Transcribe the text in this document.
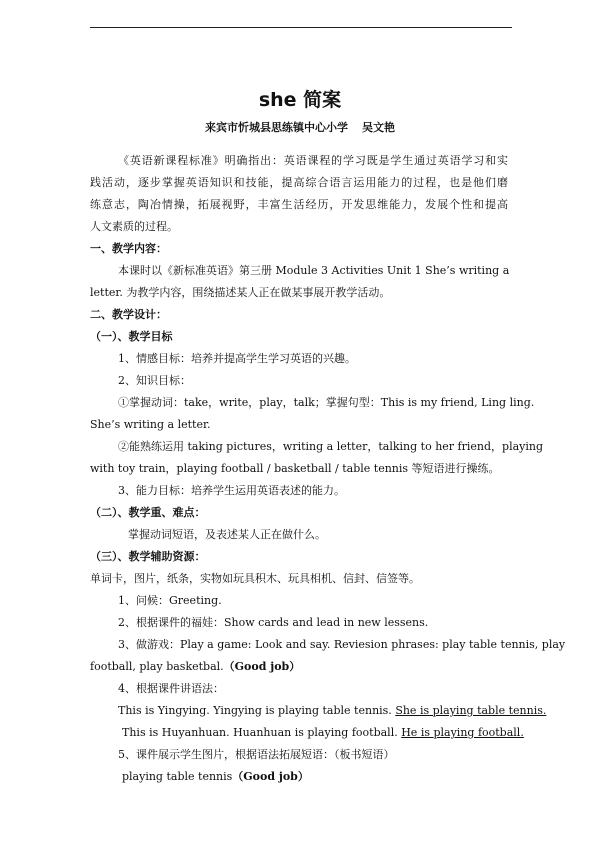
she 简案
来宾市忻城县思练镇中心小学 吴文艳
《英语新课程标准》明确指出：英语课程的学习既是学生通过英语学习和实
践活动，逐步掌握英语知识和技能，提高综合语言运用能力的过程，也是他们磨
练意志，陶冶情操，拓展视野，丰富生活经历，开发思维能力，发展个性和提高
人文素质的过程。
一、教学内容：
本课时以《新标准英语》第三册 Module 3 Activities Unit 1 She’s writing a
letter. 为教学内容，围绕描述某人正在做某事展开教学活动。
二、教学设计：
（一）、教学目标
1、情感目标：培养并提高学生学习英语的兴趣。
2、知识目标：
①掌握动词：take，write，play，talk；掌握句型：This is my friend, Ling ling.
She’s writing a letter.
②能熟练运用 taking pictures，writing a letter，talking to her friend，playing
with toy train，playing football / basketball / table tennis 等短语进行操练。
3、能力目标：培养学生运用英语表述的能力。
（二）、教学重、难点：
掌握动词短语，及表述某人正在做什么。
（三）、教学辅助资源：
单词卡，图片，纸条，实物如玩具积木、玩具相机、信封、信签等。
1、问候：Greeting.
2、根据课件的福娃：Show cards and lead in new lessens.
3、做游戏：Play a game: Look and say. Reviesion phrases: play table tennis, play
football, play basketbal.（Good job）
4、根据课件讲语法：
This is Yingying. Yingying is playing table tennis. She is playing table tennis.
This is Huyanhuan. Huanhuan is playing football. He is playing football.
5、课件展示学生图片，根据语法拓展短语：（板书短语）
playing table tennis（Good job）
